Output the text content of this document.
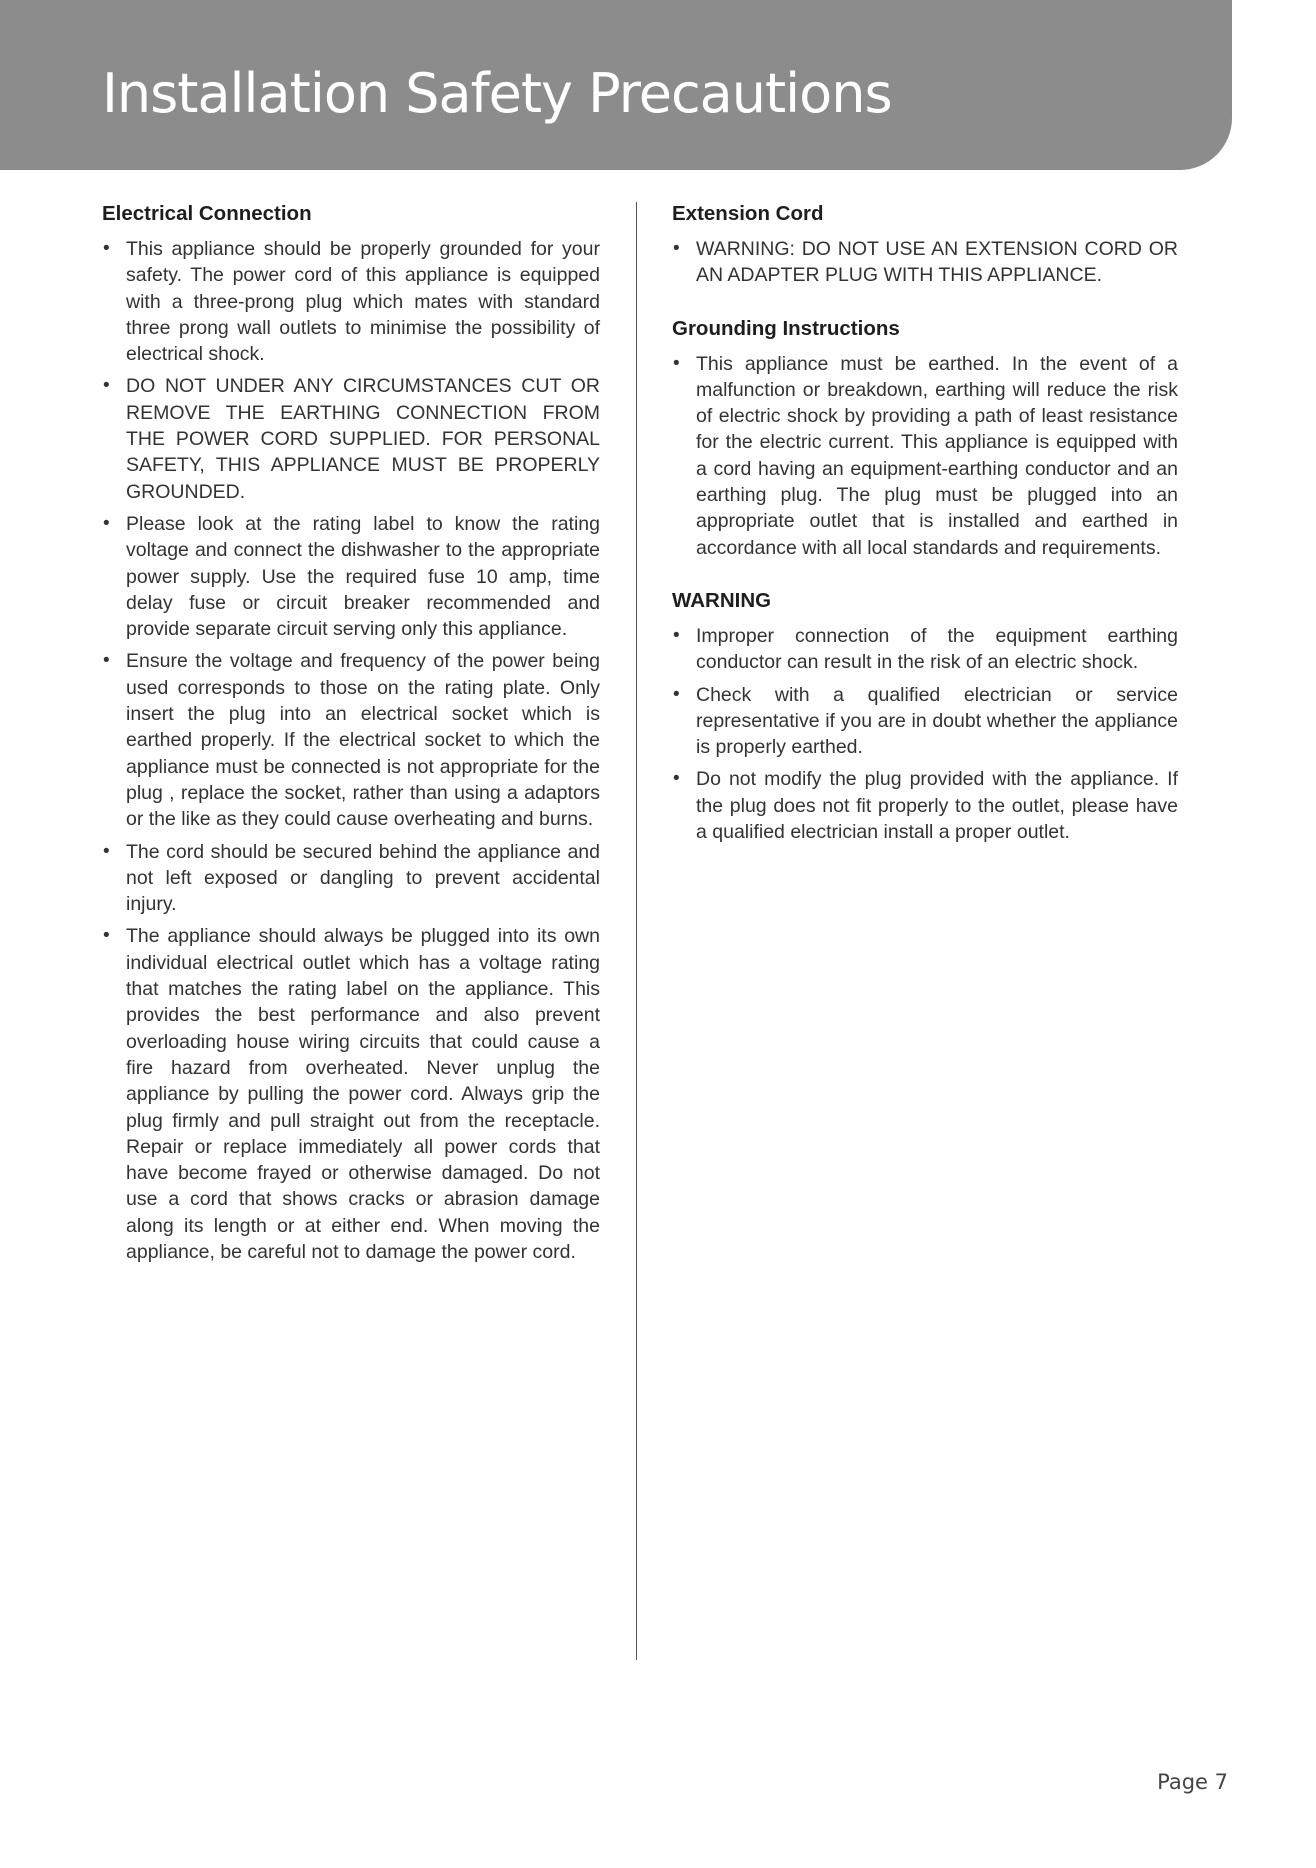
Installation Safety Precautions
Electrical Connection
• This appliance should be properly grounded for your safety. The power cord of this appliance is equipped with a three-prong plug which mates with standard three prong wall outlets to minimise the possibility of electrical shock.
• DO NOT UNDER ANY CIRCUMSTANCES CUT OR REMOVE THE EARTHING CONNECTION FROM THE POWER CORD SUPPLIED. FOR PERSONAL SAFETY, THIS APPLIANCE MUST BE PROPERLY GROUNDED.
• Please look at the rating label to know the rating voltage and connect the dishwasher to the appropriate power supply. Use the required fuse 10 amp, time delay fuse or circuit breaker recommended and provide separate circuit serving only this appliance.
• Ensure the voltage and frequency of the power being used corresponds to those on the rating plate. Only insert the plug into an electrical socket which is earthed properly. If the electrical socket to which the appliance must be connected is not appropriate for the plug , replace the socket, rather than using a adaptors or the like as they could cause overheating and burns.
• The cord should be secured behind the appliance and not left exposed or dangling to prevent accidental injury.
• The appliance should always be plugged into its own individual electrical outlet which has a voltage rating that matches the rating label on the appliance. This provides the best performance and also prevent overloading house wiring circuits that could cause a fire hazard from overheated. Never unplug the appliance by pulling the power cord. Always grip the plug firmly and pull straight out from the receptacle. Repair or replace immediately all power cords that have become frayed or otherwise damaged. Do not use a cord that shows cracks or abrasion damage along its length or at either end. When moving the appliance, be careful not to damage the power cord.
Extension Cord
• WARNING: DO NOT USE AN EXTENSION CORD OR AN ADAPTER PLUG WITH THIS APPLIANCE.
Grounding Instructions
• This appliance must be earthed. In the event of a malfunction or breakdown, earthing will reduce the risk of electric shock by providing a path of least resistance for the electric current. This appliance is equipped with a cord having an equipment-earthing conductor and an earthing plug. The plug must be plugged into an appropriate outlet that is installed and earthed in accordance with all local standards and requirements.
WARNING
• Improper connection of the equipment earthing conductor can result in the risk of an electric shock.
• Check with a qualified electrician or service representative if you are in doubt whether the appliance is properly earthed.
• Do not modify the plug provided with the appliance. If the plug does not fit properly to the outlet, please have a qualified electrician install a proper outlet.
Page 7
